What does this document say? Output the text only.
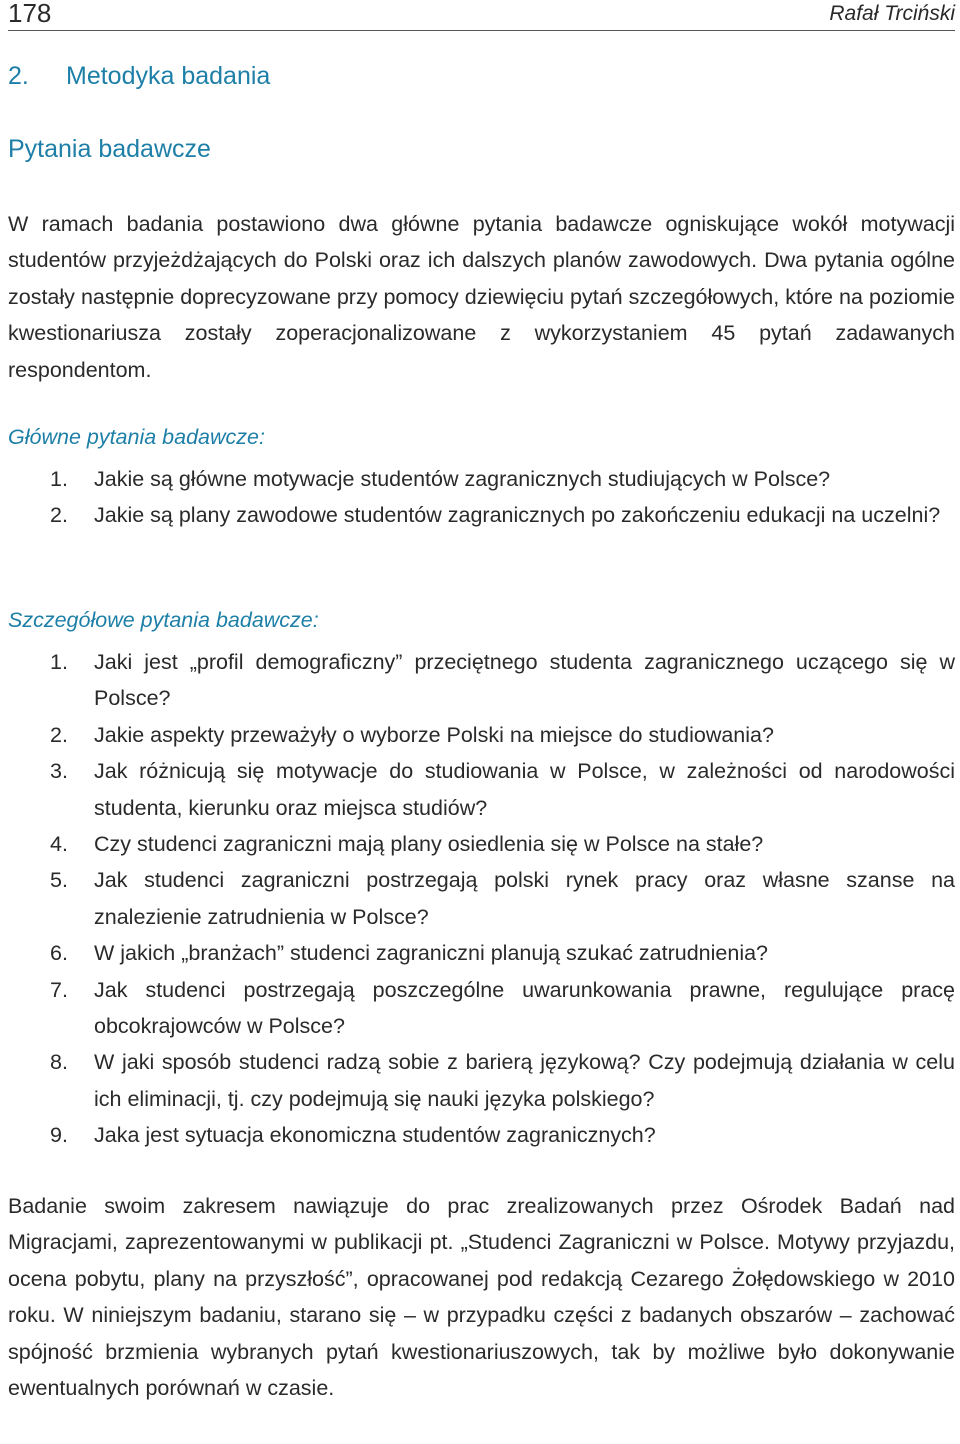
178	Rafał Trciński
2. Metodyka badania
Pytania badawcze

W ramach badania postawiono dwa główne pytania badawcze ogniskujące wokół motywacji studentów przyjeżdżających do Polski oraz ich dalszych planów zawodowych. Dwa pytania ogólne zostały następnie doprecyzowane przy pomocy dziewięciu pytań szczegółowych, które na poziomie kwestionariusza zostały zoperacjonalizowane z wykorzystaniem 45 pytań zadawanych respondentom.

Główne pytania badawcze:
1. Jakie są główne motywacje studentów zagranicznych studiujących w Polsce?
2. Jakie są plany zawodowe studentów zagranicznych po zakończeniu edukacji na uczelni?
Szczegółowe pytania badawcze:
1. Jaki jest „profil demograficzny” przeciętnego studenta zagranicznego uczącego się w Polsce?
2. Jakie aspekty przeważyły o wyborze Polski na miejsce do studiowania?
3. Jak różnicują się motywacje do studiowania w Polsce, w zależności od narodowości studenta, kierunku oraz miejsca studiów?
4. Czy studenci zagraniczni mają plany osiedlenia się w Polsce na stałe?
5. Jak studenci zagraniczni postrzegają polski rynek pracy oraz własne szanse na znalezienie zatrudnienia w Polsce?
6. W jakich „branżach” studenci zagraniczni planują szukać zatrudnienia?
7. Jak studenci postrzegają poszczególne uwarunkowania prawne, regulujące pracę obcokrajowców w Polsce?
8. W jaki sposób studenci radzą sobie z barierą językową? Czy podejmują działania w celu ich eliminacji, tj. czy podejmują się nauki języka polskiego?
9. Jaka jest sytuacja ekonomiczna studentów zagranicznych?

Badanie swoim zakresem nawiązuje do prac zrealizowanych przez Ośrodek Badań nad Migracjami, zaprezentowanymi w publikacji pt. „Studenci Zagraniczni w Polsce. Motywy przyjazdu, ocena pobytu, plany na przyszłość”, opracowanej pod redakcją Cezarego Żołędowskiego w 2010 roku. W niniejszym badaniu, starano się – w przypadku części z badanych obszarów – zachować spójność brzmienia wybranych pytań kwestionariuszowych, tak by możliwe było dokonywanie ewentualnych porównań w czasie.
